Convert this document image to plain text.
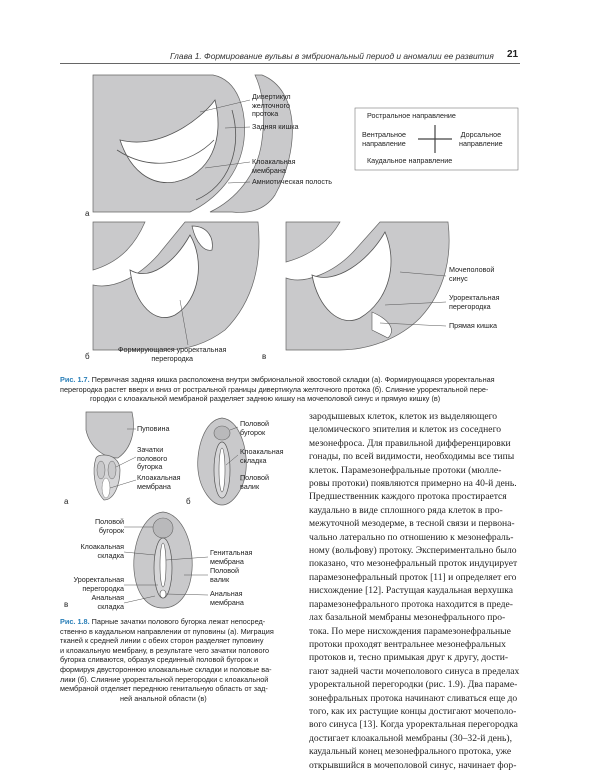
Глава 1. Формирование вульвы в эмбриональный период и аномалии ее развития 21
а
б	в
Дивертикул
желточного
протока
Задняя кишка
Клоакальная
мембрана
Амниотическая полость
Ростральное направление
Вентральное
направление
Дорсальное
направление
Каудальное направление
Формирующаяся уроректальная
перегородка
Мочеполовой
синус
Уроректальная
перегородка
Прямая кишка
Рис. 1.7. Первичная задняя кишка расположена внутри эмбриональной хвостовой складки (а). Формирующаяся уроректальная
перегородка растет вверх и вниз от ростральной границы дивертикула желточного протока (б). Слияние уроректальной пере-
городки с клоакальной мембраной разделяет заднюю кишку на мочеполовой синус и прямую кишку (в)
а	б
в
Пуповина
Зачатки
полового
бугорка
Клоакальная
мембрана
Половой
бугорок
Клоакальная
складка
Половой
валик
Половой
бугорок
Клоакальная
складка
Уроректальная
перегородка
Анальная
складка
Генитальная
мембрана
Половой
валик
Анальная
мембрана
Рис. 1.8. Парные зачатки полового бугорка лежат непосред-
ственно в каудальном направлении от пуповины (а). Миграция
тканей к средней линии с обеих сторон разделяет пуповину
и клоакальную мембрану, в результате чего зачатки полового
бугорка сливаются, образуя срединный половой бугорок и
формируя двустороннюю клоакальные складки и половые ва-
лики (б). Слияние уроректальной перегородки с клоакальной
мембраной отделяет переднюю генитальную область от зад-
ней анальной области (в)

зародышевых клеток, клеток из выделяющего

целомического эпителия и клеток из соседнего

мезонефроса. Для правильной дифференцировки

гонады, по всей видимости, необходимы все типы

клеток. Парамезонефральные протоки (мюлле-

ровы протоки) появляются примерно на 40-й день.

Предшественник каждого протока простирается

каудально в виде сплошного ряда клеток в про-

межуточной мезодерме, в тесной связи и первона-

чально латерально по отношению к мезонефраль-

ному (вольфову) протоку. Экспериментально было

показано, что мезонефральный проток индуцирует

парамезонефральный проток [11] и определяет его

нисхождение [12]. Растущая каудальная верхушка

парамезонефрального протока находится в преде-

лах базальной мембраны мезонефрального про-

тока. По мере нисхождения парамезонефральные

протоки проходят вентральнее мезонефральных

протоков и, тесно примыкая друг к другу, дости-

гают задней части мочеполового синуса в пределах

уроректальной перегородки (рис. 1.9). Два парамe-

зонефральных протока начинают сливаться еще до

того, как их растущие концы достигают мочеполо-

вого синуса [13]. Когда уроректальная перегородка

достигает клоакальной мембраны (30–32-й день),

каудальный конец мезонефрального протока, уже

открывшийся в мочеполовой синус, начинает фор-
